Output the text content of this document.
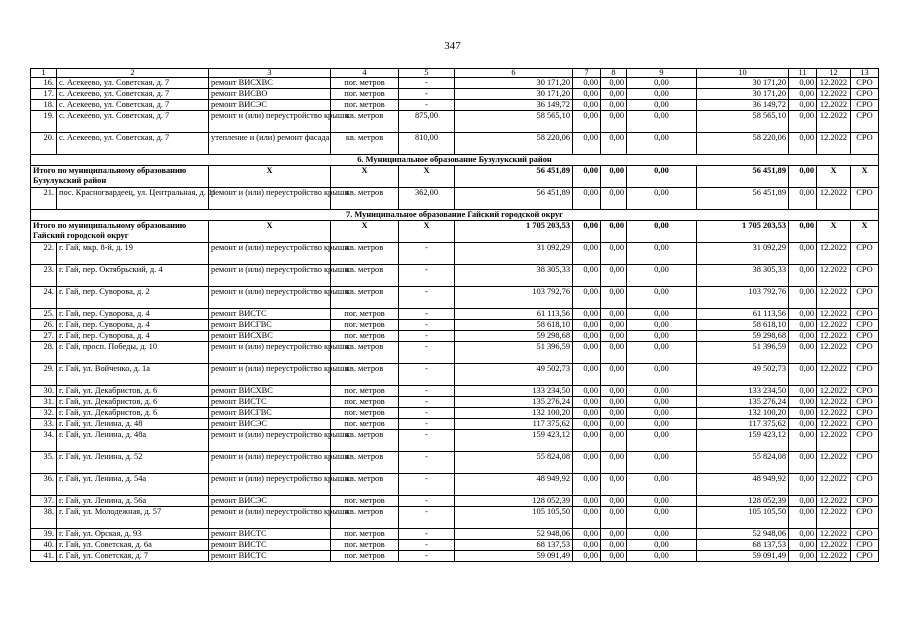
347
1	2	3	4	5	6	7	8	9	10	11	12	13
16.	с. Асекеево, ул. Советская, д. 7	ремонт ВИСХВС	пог. метров	-	30 171,20	0,00	0,00	0,00	30 171,20	0,00	12.2022	СРО
17.	с. Асекеево, ул. Советская, д. 7	ремонт ВИСВО	пог. метров	-	30 171,20	0,00	0,00	0,00	30 171,20	0,00	12.2022	СРО
18.	с. Асекеево, ул. Советская, д. 7	ремонт ВИСЭС	пог. метров	-	36 149,72	0,00	0,00	0,00	36 149,72	0,00	12.2022	СРО
19.	с. Асекеево, ул. Советская, д. 7	ремонт и (или) переустройство крыши	кв. метров	875,00	58 565,10	0,00	0,00	0,00	58 565,10	0,00	12.2022	СРО
20.	с. Асекеево, ул. Советская, д. 7	утепление и (или) ремонт фасада	кв. метров	810,00	58 220,06	0,00	0,00	0,00	58 220,06	0,00	12.2022	СРО
6. Муниципальное образование Бузулукский район												
Итого по муниципальному образованию Бузулукский район		X	X	X	56 451,89	0,00	0,00	0,00	56 451,89	0,00	X	X
21.	пос. Красногвардеец, ул. Центральная, д. 11	ремонт и (или) переустройство крыши	кв. метров	362,00	56 451,89	0,00	0,00	0,00	56 451,89	0,00	12.2022	СРО
7. Муниципальное образование Гайский городской округ												
Итого по муниципальному образованию Гайский городской округ		X	X	X	1 705 203,53	0,00	0,00	0,00	1 705 203,53	0,00	X	X
22.	г. Гай, мкр. 8-й, д. 19	ремонт и (или) переустройство крыши	кв. метров	-	31 092,29	0,00	0,00	0,00	31 092,29	0,00	12.2022	СРО
23.	г. Гай, пер. Октябрьский, д. 4	ремонт и (или) переустройство крыши	кв. метров	-	38 305,33	0,00	0,00	0,00	38 305,33	0,00	12.2022	СРО
24.	г. Гай, пер. Суворова, д. 2	ремонт и (или) переустройство крыши	кв. метров	-	103 792,76	0,00	0,00	0,00	103 792,76	0,00	12.2022	СРО
25.	г. Гай, пер. Суворова, д. 4	ремонт ВИСТС	пог. метров	-	61 113,56	0,00	0,00	0,00	61 113,56	0,00	12.2022	СРО
26.	г. Гай, пер. Суворова, д. 4	ремонт ВИСГВС	пог. метров	-	58 618,10	0,00	0,00	0,00	58 618,10	0,00	12.2022	СРО
27.	г. Гай, пер. Суворова, д. 4	ремонт ВИСХВС	пог. метров	-	59 298,68	0,00	0,00	0,00	59 298,68	0,00	12.2022	СРО
28.	г. Гай, просп. Победы, д. 10	ремонт и (или) переустройство крыши	кв. метров	-	51 396,59	0,00	0,00	0,00	51 396,59	0,00	12.2022	СРО
29.	г. Гай, ул. Войченко, д. 1а	ремонт и (или) переустройство крыши	кв. метров	-	49 502,73	0,00	0,00	0,00	49 502,73	0,00	12.2022	СРО
30.	г. Гай, ул. Декабристов, д. 6	ремонт ВИСХВС	пог. метров	-	133 234,50	0,00	0,00	0,00	133 234,50	0,00	12.2022	СРО
31.	г. Гай, ул. Декабристов, д. 6	ремонт ВИСТС	пог. метров	-	135 276,24	0,00	0,00	0,00	135 276,24	0,00	12.2022	СРО
32.	г. Гай, ул. Декабристов, д. 6	ремонт ВИСГВС	пог. метров	-	132 100,20	0,00	0,00	0,00	132 100,20	0,00	12.2022	СРО
33.	г. Гай, ул. Ленина, д. 48	ремонт ВИСЭС	пог. метров	-	117 375,62	0,00	0,00	0,00	117 375,62	0,00	12.2022	СРО
34.	г. Гай, ул. Ленина, д. 48а	ремонт и (или) переустройство крыши	кв. метров	-	159 423,12	0,00	0,00	0,00	159 423,12	0,00	12.2022	СРО
35.	г. Гай, ул. Ленина, д. 52	ремонт и (или) переустройство крыши	кв. метров	-	55 824,08	0,00	0,00	0,00	55 824,08	0,00	12.2022	СРО
36.	г. Гай, ул. Ленина, д. 54а	ремонт и (или) переустройство крыши	кв. метров	-	48 949,92	0,00	0,00	0,00	48 949,92	0,00	12.2022	СРО
37.	г. Гай, ул. Ленина, д. 56а	ремонт ВИСЭС	пог. метров	-	128 052,39	0,00	0,00	0,00	128 052,39	0,00	12.2022	СРО
38.	г. Гай, ул. Молодежная, д. 57	ремонт и (или) переустройство крыши	кв. метров	-	105 105,50	0,00	0,00	0,00	105 105,50	0,00	12.2022	СРО
39.	г. Гай, ул. Орская, д. 93	ремонт ВИСТС	пог. метров	-	52 948,06	0,00	0,00	0,00	52 948,06	0,00	12.2022	СРО
40.	г. Гай, ул. Советская, д. 6а	ремонт ВИСТС	пог. метров	-	68 137,53	0,00	0,00	0,00	68 137,53	0,00	12.2022	СРО
41.	г. Гай, ул. Советская, д. 7	ремонт ВИСТС	пог. метров	-	59 091,49	0,00	0,00	0,00	59 091,49	0,00	12.2022	СРО
